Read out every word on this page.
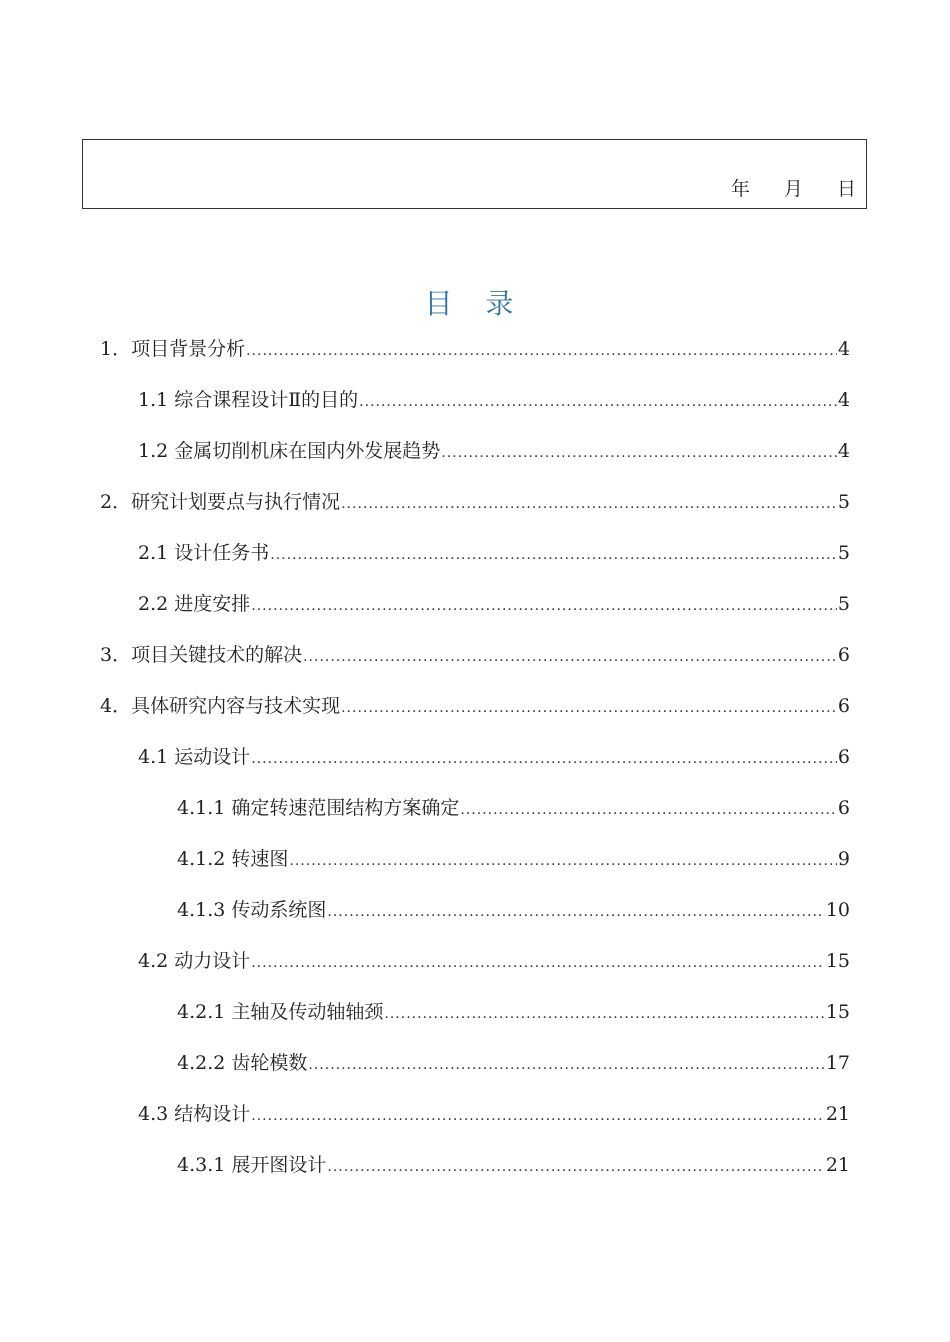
年 月 日
目 录
1．项目背景分析 .....	4
1.1 综合课程设计Ⅱ的目的 .....	4
1.2 金属切削机床在国内外发展趋势 .....	4
2．研究计划要点与执行情况 .....	5
2.1 设计任务书 .....	5
2.2 进度安排 .....	5
3．项目关键技术的解决 .....	6
4．具体研究内容与技术实现 .....	6
4.1 运动设计 .....	6
4.1.1 确定转速范围结构方案确定 .....	6
4.1.2 转速图 .....	9
4.1.3 传动系统图 .....	10
4.2 动力设计 .....	15
4.2.1 主轴及传动轴轴颈 .....	15
4.2.2 齿轮模数 .....	17
4.3 结构设计 .....	21
4.3.1 展开图设计 .....	21
